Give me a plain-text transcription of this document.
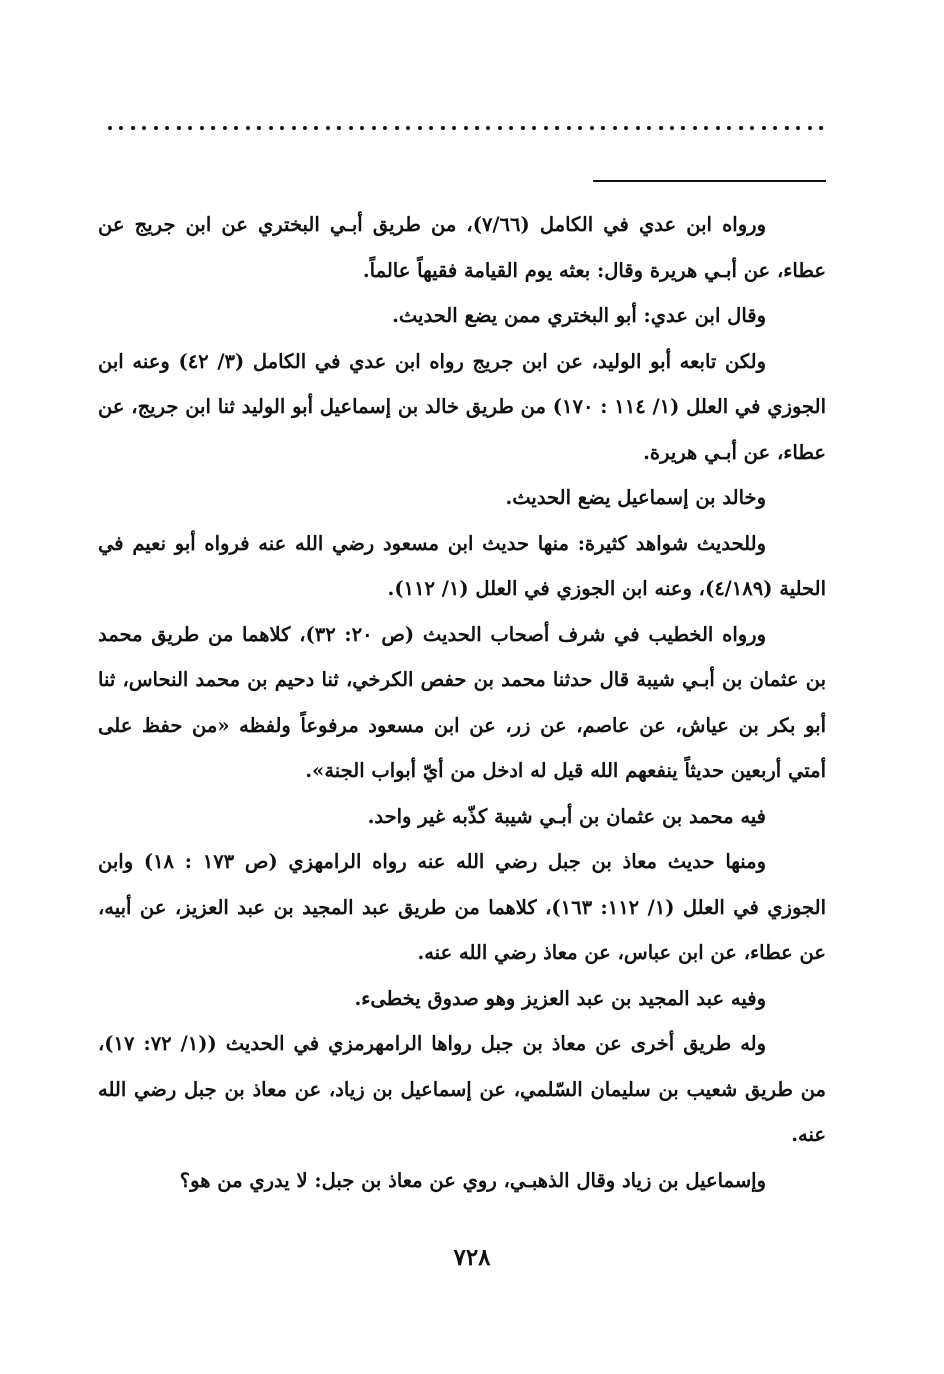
ورواه ابن عدي في الكامل (٧/٦٦)، من طريق أبـي البختري عن ابن جريج عن عطاء، عن أبـي هريرة وقال: بعثه يوم القيامة فقيهاً عالماً.

وقال ابن عدي: أبو البختري ممن يضع الحديث.

ولكن تابعه أبو الوليد، عن ابن جريج رواه ابن عدي في الكامل (٣/ ٤٢) وعنه ابن الجوزي في العلل (١/ ١١٤ : ١٧٠) من طريق خالد بن إسماعيل أبو الوليد ثنا ابن جريج، عن عطاء، عن أبـي هريرة.

وخالد بن إسماعيل يضع الحديث.

وللحديث شواهد كثيرة: منها حديث ابن مسعود رضي الله عنه فرواه أبو نعيم في الحلية (٤/١٨٩)، وعنه ابن الجوزي في العلل (١/ ١١٢).

ورواه الخطيب في شرف أصحاب الحديث (ص ٢٠: ٣٢)، كلاهما من طريق محمد بن عثمان بن أبـي شيبة قال حدثنا محمد بن حفص الكرخي، ثنا دحيم بن محمد النحاس، ثنا أبو بكر بن عياش، عن عاصم، عن زر، عن ابن مسعود مرفوعاً ولفظه «من حفظ على أمتي أربعين حديثاً ينفعهم الله قيل له ادخل من أيّ أبواب الجنة».

فيه محمد بن عثمان بن أبـي شيبة كذّبه غير واحد.

ومنها حديث معاذ بن جبل رضي الله عنه رواه الرامهزي (ص ١٧٣ : ١٨) وابن الجوزي في العلل (١/ ١١٢: ١٦٣)، كلاهما من طريق عبد المجيد بن عبد العزيز، عن أبيه، عن عطاء، عن ابن عباس، عن معاذ رضي الله عنه.

وفيه عبد المجيد بن عبد العزيز وهو صدوق يخطىء.

وله طريق أخرى عن معاذ بن جبل رواها الرامهرمزي في الحديث ((١/ ٧٢: ١٧)، من طريق شعيب بن سليمان السّلمي، عن إسماعيل بن زياد، عن معاذ بن جبل رضي الله عنه.

وإسماعيل بن زياد وقال الذهبـي، روي عن معاذ بن جبل: لا يدري من هو؟

٧٢٨
